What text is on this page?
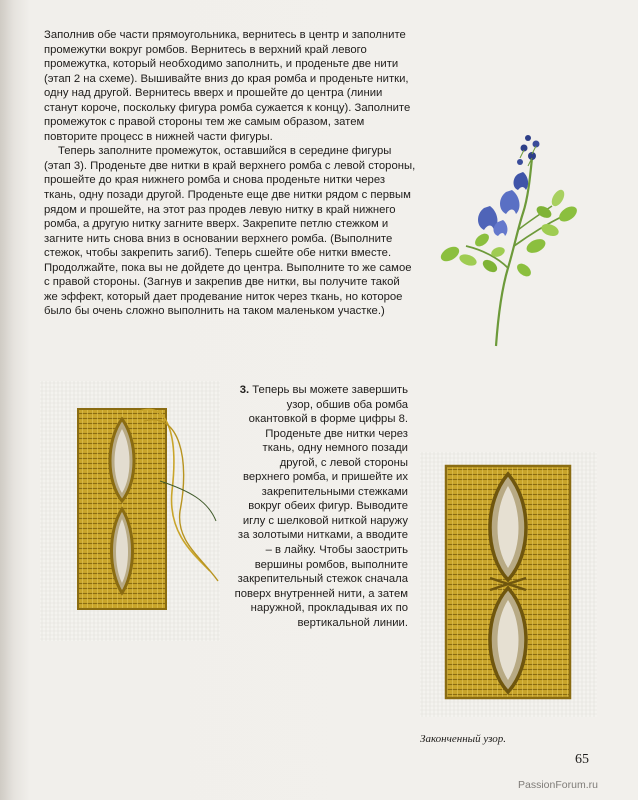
Заполнив обе части прямоугольника, вернитесь в центр и заполните промежутки вокруг ромбов. Вернитесь в верхний край левого промежутка, который необходимо заполнить, и проденьте две нити (этап 2 на схеме). Вышивайте вниз до края ромба и проденьте нитки, одну над другой. Вернитесь вверх и прошейте до центра (линии станут короче, поскольку фигура ромба сужается к концу). Заполните промежуток с правой стороны тем же самым образом, затем повторите процесс в нижней части фигуры.

Теперь заполните промежуток, оставшийся в середине фигуры (этап 3). Проденьте две нитки в край верхнего ромба с левой стороны, прошейте до края нижнего ромба и снова проденьте нитки через ткань, одну позади другой. Проденьте еще две нитки рядом с первым рядом и прошейте, на этот раз продев левую нитку в край нижнего ромба, а другую нитку загните вверх. Закрепите петлю стежком и загните нить снова вниз в основании верхнего ромба. (Выполните стежок, чтобы закрепить загиб). Теперь сшейте обе нитки вместе. Продолжайте, пока вы не дойдете до центра. Выполните то же самое с правой стороны. (Загнув и закрепив две нитки, вы получите такой же эффект, который дает продевание ниток через ткань, но которое было бы очень сложно выполнить на таком маленьком участке.)

3. Теперь вы можете завершить узор, обшив оба ромба окантовкой в форме цифры 8. Проденьте две нитки через ткань, одну немного позади другой, с левой стороны верхнего ромба, и пришейте их закрепительными стежками вокруг обеих фигур. Выводите иглу с шелковой ниткой наружу за золотыми нитками, а вводите – в лайку. Чтобы заострить вершины ромбов, выполните закрепительный стежок сначала поверх внутренней нити, а затем наружной, прокладывая их по вертикальной линии.

Законченный узор.
65
PassionForum.ru
